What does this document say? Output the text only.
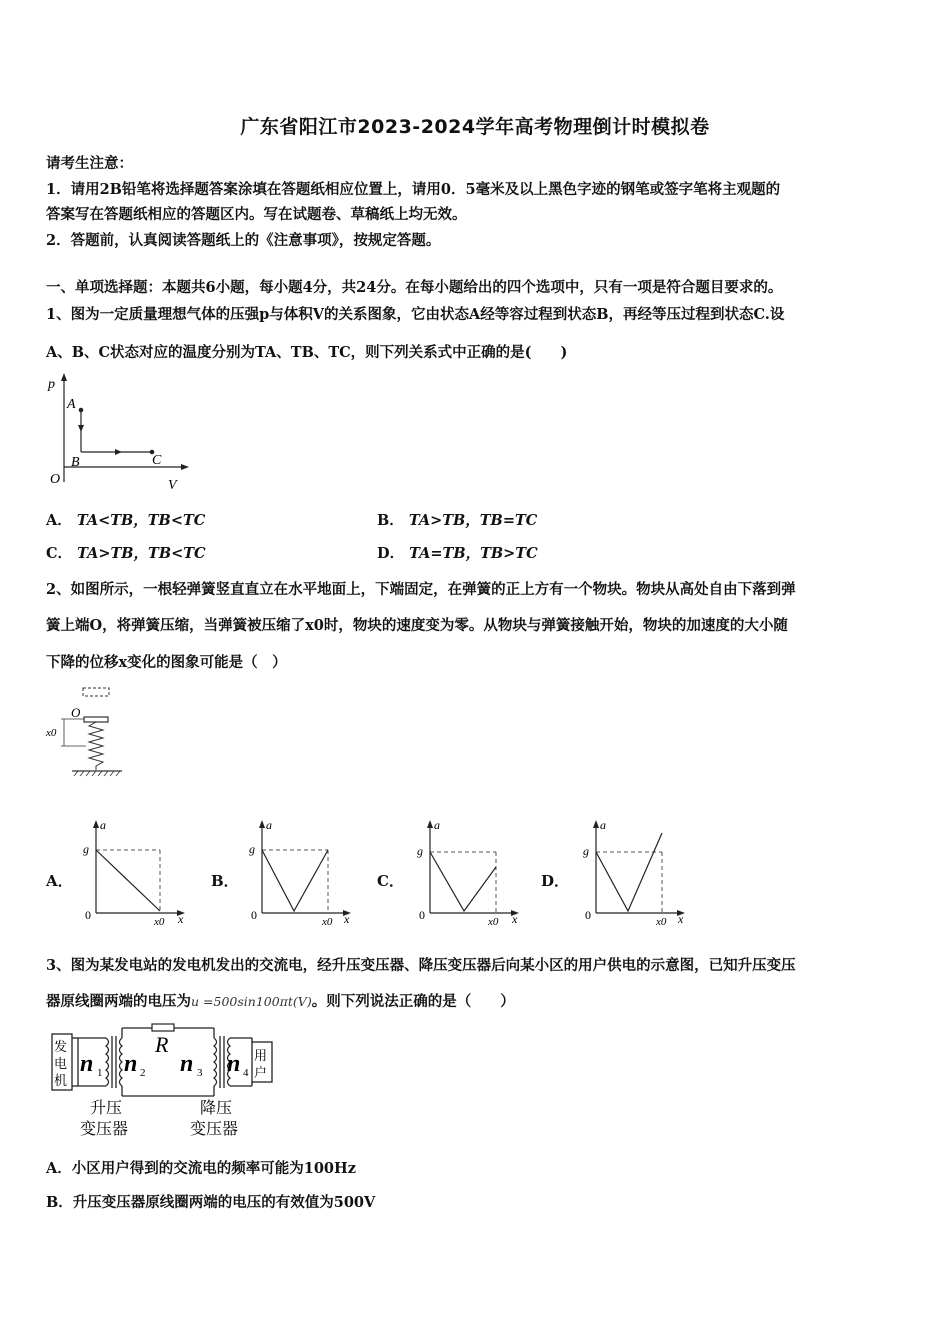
广东省阳江市2023-2024学年高考物理倒计时模拟卷
请考生注意：
1．请用2B铅笔将选择题答案涂填在答题纸相应位置上，请用0．5毫米及以上黑色字迹的钢笔或签字笔将主观题的
答案写在答题纸相应的答题区内。写在试题卷、草稿纸上均无效。
2．答题前，认真阅读答题纸上的《注意事项》，按规定答题。
一、单项选择题：本题共6小题，每小题4分，共24分。在每小题给出的四个选项中，只有一项是符合题目要求的。
1、图为一定质量理想气体的压强p与体积V的关系图象，它由状态A经等容过程到状态B，再经等压过程到状态C.设
A、B、C状态对应的温度分别为TA、TB、TC，则下列关系式中正确的是(　　)
p
V
O
A
B	C
A． TA<TB，TB<TC	B． TA>TB，TB=TC
C． TA>TB，TB<TC	D． TA=TB，TB>TC
2、如图所示，一根轻弹簧竖直直立在水平地面上，下端固定，在弹簧的正上方有一个物块。物块从高处自由下落到弹
簧上端O，将弹簧压缩，当弹簧被压缩了x0时，物块的速度变为零。从物块与弹簧接触开始，物块的加速度的大小随
下降的位移x变化的图象可能是（　）
O
x0
A．
a
g
0	x0 x
B．
a
g
0	x0 x
C．
a
g
0	x0 x
D．
a
g
0	x0 x
3、图为某发电站的发电机发出的交流电，经升压变压器、降压变压器后向某小区的用户供电的示意图，已知升压变压
器原线圈两端的电压为u =500sin100πt(V)。则下列说法正确的是（　　）
发
电
机
n 1 n 2
R
n 3 n 4
用
户
升压
变压器
降压
变压器
A．小区用户得到的交流电的频率可能为100Hz
B．升压变压器原线圈两端的电压的有效值为500V
